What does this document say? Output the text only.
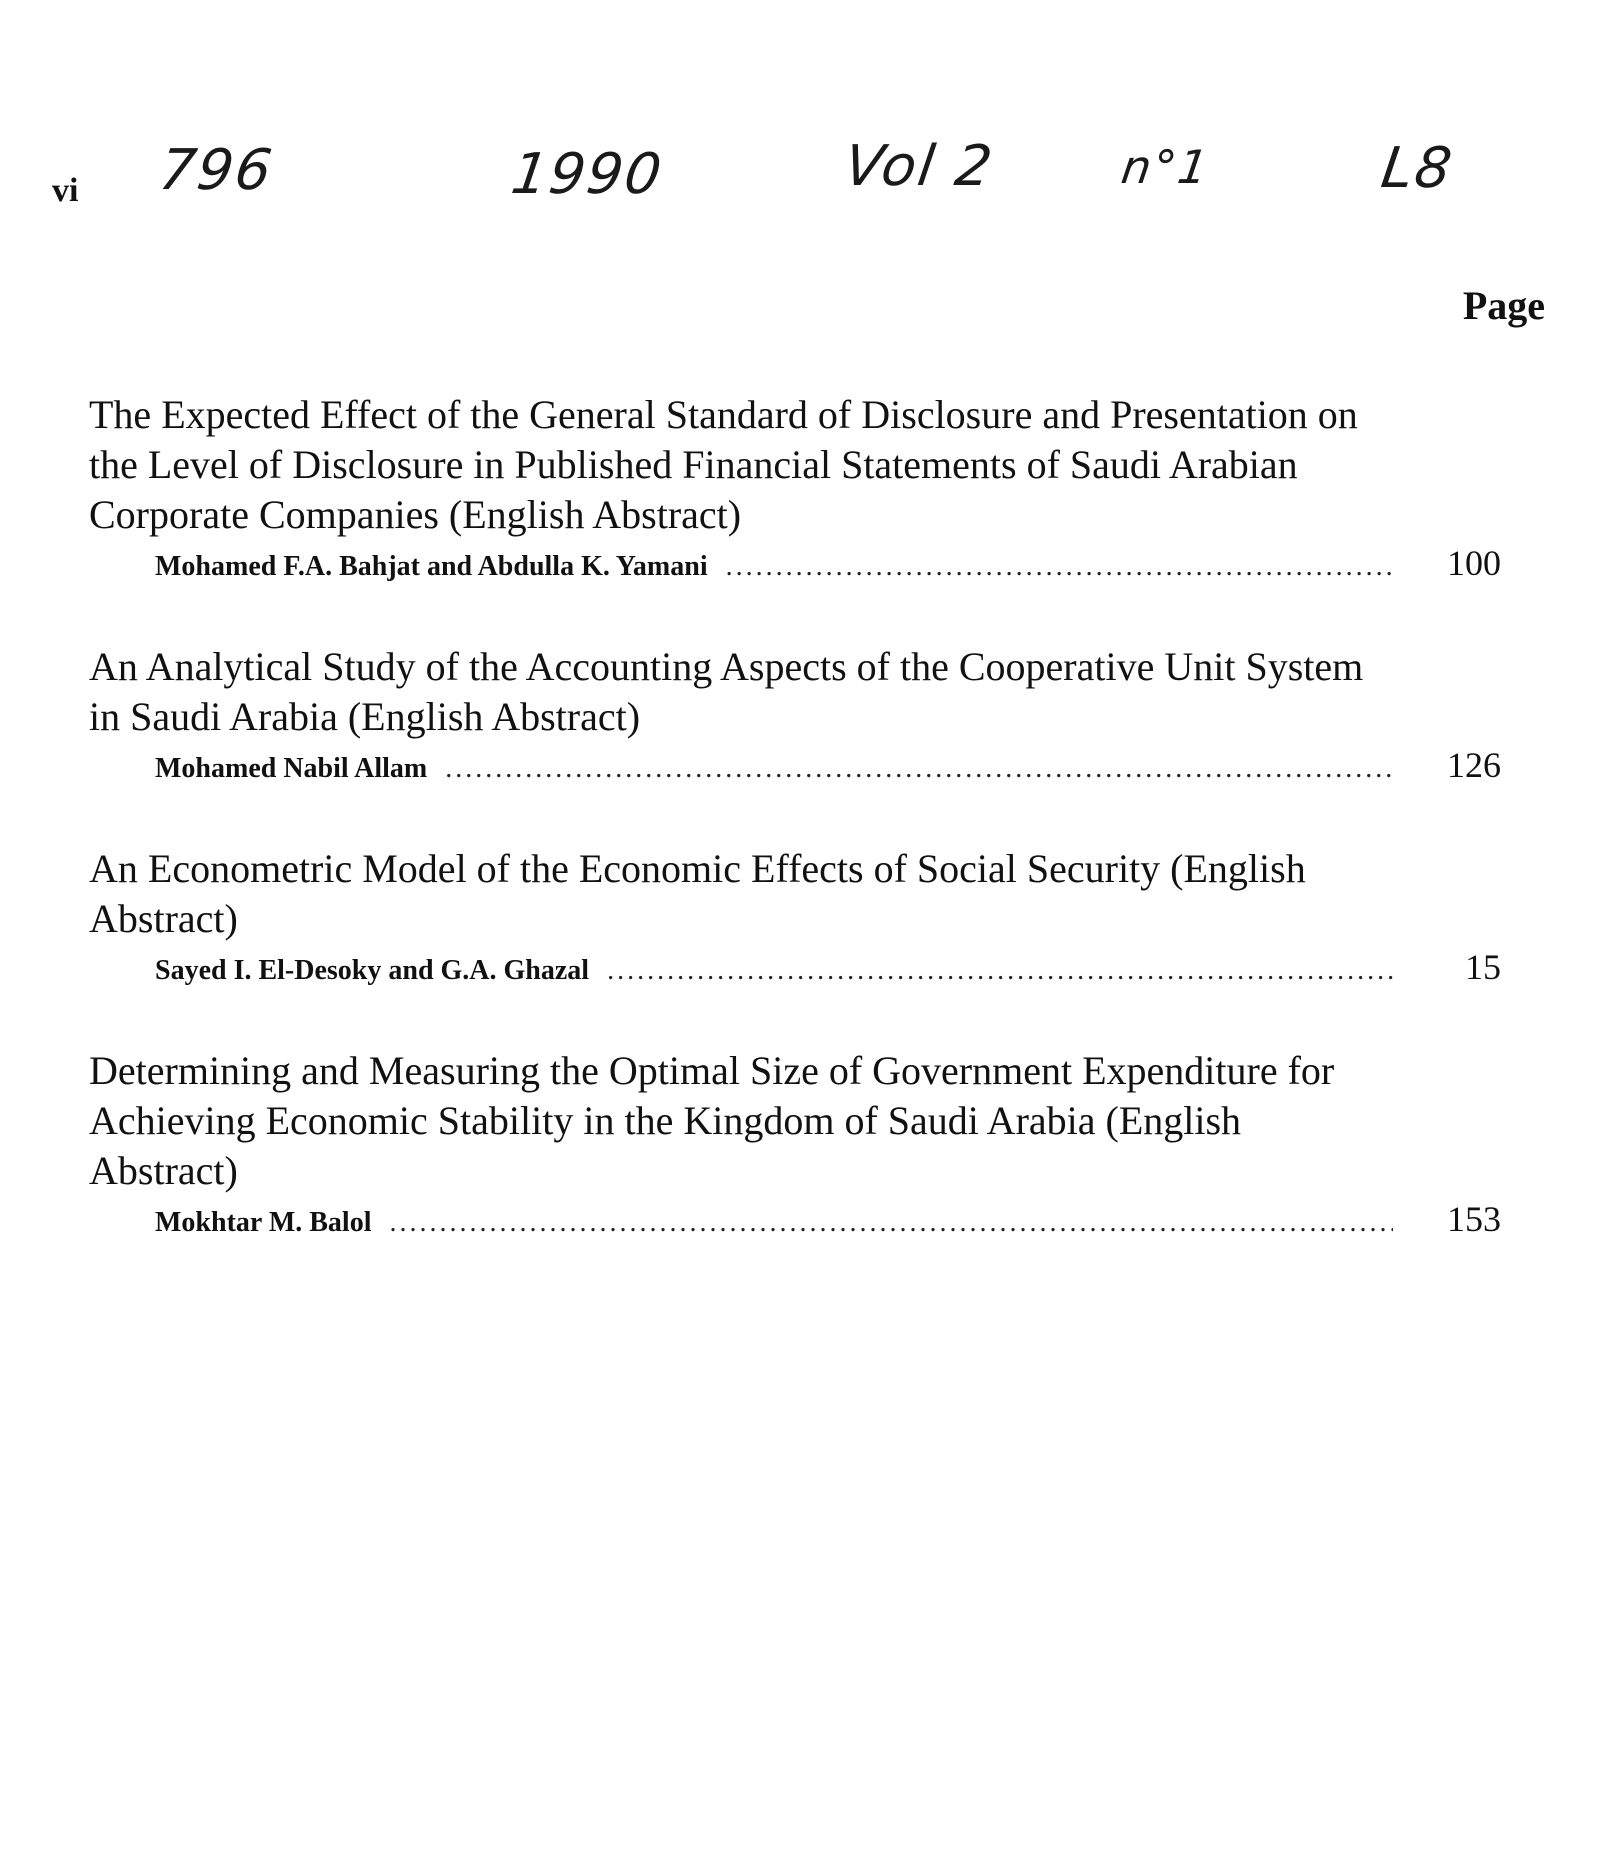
vi 796	1990	Vol 2	n°1	L8
Page
The Expected Effect of the General Standard of Disclosure and Presentation on the Level of Disclosure in Published Financial Statements of Saudi Arabian Corporate Companies (English Abstract)
Mohamed F.A. Bahjat and Abdulla K. Yamani . . .	100
An Analytical Study of the Accounting Aspects of the Cooperative Unit System in Saudi Arabia (English Abstract)
Mohamed Nabil Allam . . .	126
An Econometric Model of the Economic Effects of Social Security (English Abstract)
Sayed I. El-Desoky and G.A. Ghazal . . .	15
Determining and Measuring the Optimal Size of Government Expenditure for Achieving Economic Stability in the Kingdom of Saudi Arabia (English Abstract)
Mokhtar M. Balol . . .	153
